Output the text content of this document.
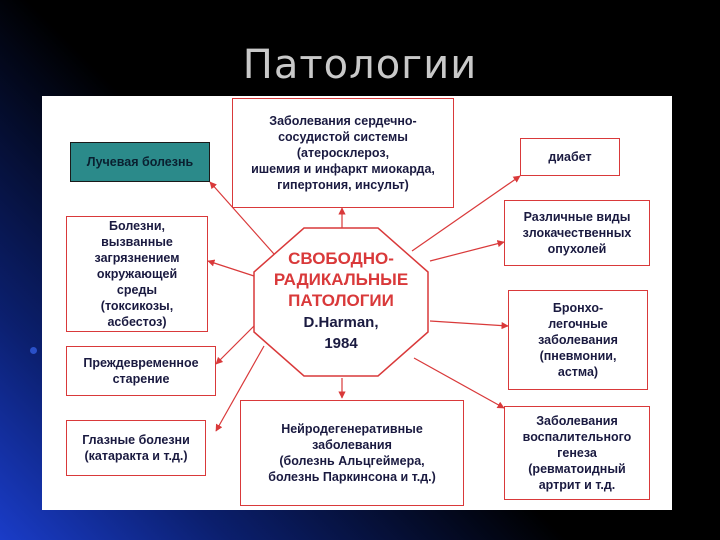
Патологии
СВОБОДНО-
РАДИКАЛЬНЫЕ
ПАТОЛОГИИ
D.Harman,
1984
Заболевания сердечно-
сосудистой системы
(атеросклероз,
ишемия и инфаркт миокарда,
гипертония, инсульт)
Лучевая болезнь
Болезни,
вызванные
загрязнением
окружающей
среды
(токсикозы,
асбестоз)
Преждевременное
старение
Глазные болезни
(катаракта и т.д.)
Нейродегенеративные
заболевания
(болезнь Альцгеймера,
болезнь Паркинсона и т.д.)
диабет
Различные виды
злокачественных
опухолей
Бронхо-
легочные
заболевания
(пневмонии,
астма)
Заболевания
воспалительного
генеза
(ревматоидный
артрит и т.д.
